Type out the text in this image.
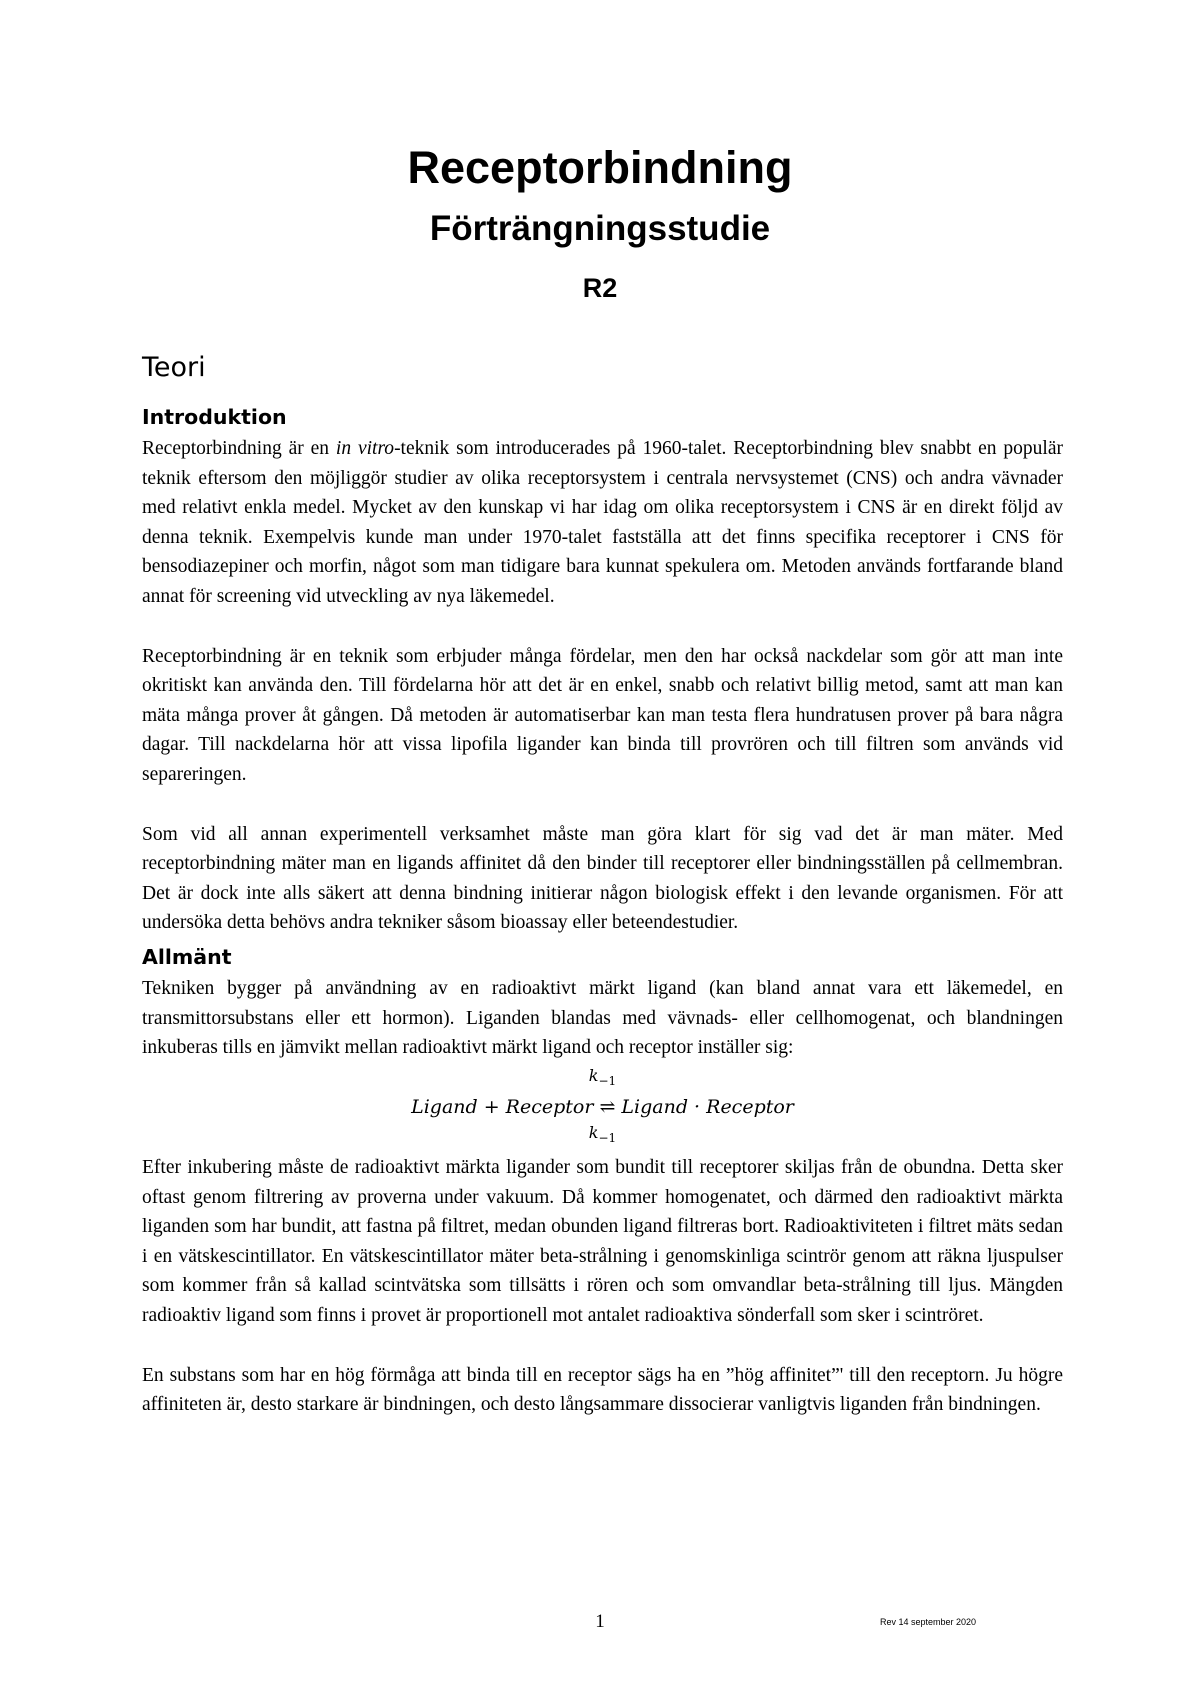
Receptorbindning
Förträngningsstudie
R2
Teori
Introduktion

Receptorbindning är en in vitro-teknik som introducerades på 1960-talet. Receptorbindning blev snabbt en populär teknik eftersom den möjliggör studier av olika receptorsystem i centrala nervsystemet (CNS) och andra vävnader med relativt enkla medel. Mycket av den kunskap vi har idag om olika receptorsystem i CNS är en direkt följd av denna teknik. Exempelvis kunde man under 1970-talet fastställa att det finns specifika receptorer i CNS för bensodiazepiner och morfin, något som man tidigare bara kunnat spekulera om. Metoden används fortfarande bland annat för screening vid utveckling av nya läkemedel.

Receptorbindning är en teknik som erbjuder många fördelar, men den har också nackdelar som gör att man inte okritiskt kan använda den. Till fördelarna hör att det är en enkel, snabb och relativt billig metod, samt att man kan mäta många prover åt gången. Då metoden är automatiserbar kan man testa flera hundratusen prover på bara några dagar. Till nackdelarna hör att vissa lipofila ligander kan binda till provrören och till filtren som används vid separeringen.

Som vid all annan experimentell verksamhet måste man göra klart för sig vad det är man mäter. Med receptorbindning mäter man en ligands affinitet då den binder till receptorer eller bindningsställen på cellmembran. Det är dock inte alls säkert att denna bindning initierar någon biologisk effekt i den levande organismen. För att undersöka detta behövs andra tekniker såsom bioassay eller beteendestudier.

Allmänt

Tekniken bygger på användning av en radioaktivt märkt ligand (kan bland annat vara ett läkemedel, en transmittorsubstans eller ett hormon). Liganden blandas med vävnads- eller cellhomogenat, och blandningen inkuberas tills en jämvikt mellan radioaktivt märkt ligand och receptor inställer sig:

$k_{-1}$
Ligand + Receptor ⇌ Ligand · Receptor
$k_{-1}$

Efter inkubering måste de radioaktivt märkta ligander som bundit till receptorer skiljas från de obundna. Detta sker oftast genom filtrering av proverna under vakuum. Då kommer homogenatet, och därmed den radioaktivt märkta liganden som har bundit, att fastna på filtret, medan obunden ligand filtreras bort. Radioaktiviteten i filtret mäts sedan i en vätskescintillator. En vätskescintillator mäter beta-strålning i genomskinliga scintrör genom att räkna ljuspulser som kommer från så kallad scintvätska som tillsätts i rören och som omvandlar beta-strålning till ljus. Mängden radioaktiv ligand som finns i provet är proportionell mot antalet radioaktiva sönderfall som sker i scintröret.

En substans som har en hög förmåga att binda till en receptor sägs ha en ”hög affinitet”' till den receptorn. Ju högre affiniteten är, desto starkare är bindningen, och desto långsammare dissocierar vanligtvis liganden från bindningen.

1	Rev 14 september 2020
